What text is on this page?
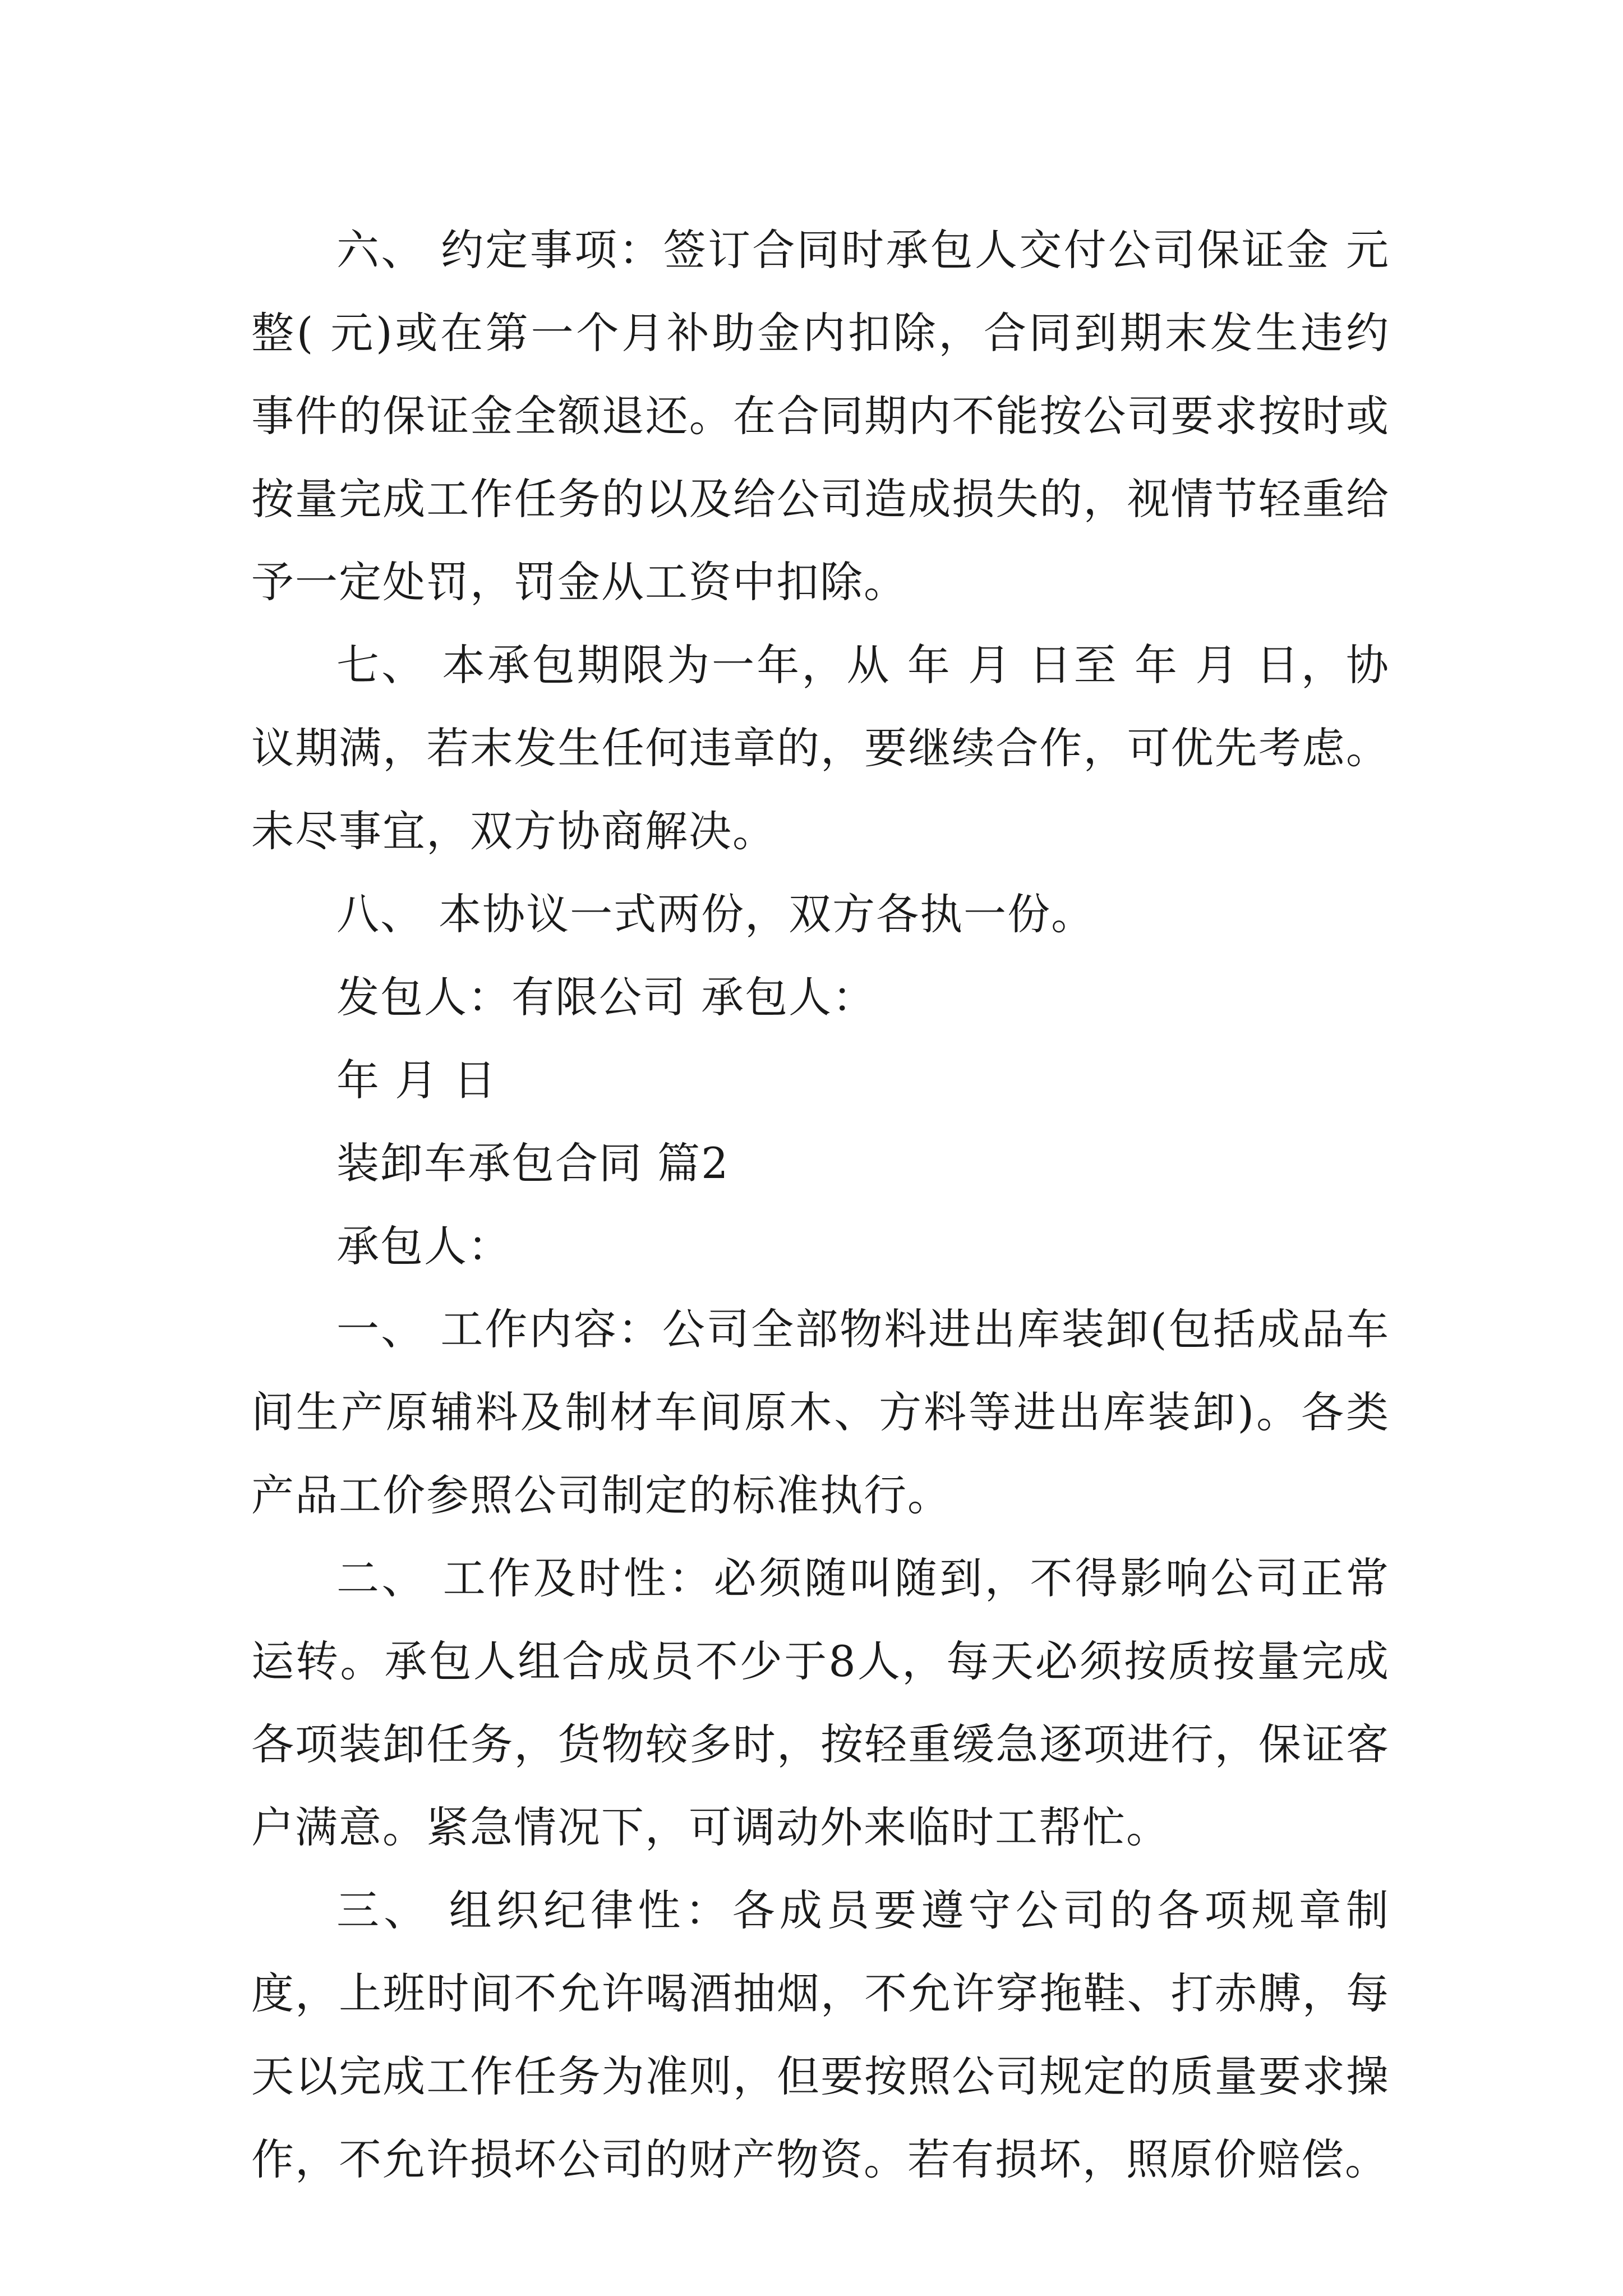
六、 约定事项：签订合同时承包人交付公司保证金 元整( 元)或在第一个月补助金内扣除，合同到期末发生违约事件的保证金全额退还。在合同期内不能按公司要求按时或按量完成工作任务的以及给公司造成损失的，视情节轻重给予一定处罚，罚金从工资中扣除。

七、 本承包期限为一年，从 年 月 日至 年 月 日，协议期满，若末发生任何违章的，要继续合作，可优先考虑。未尽事宜，双方协商解决。

八、 本协议一式两份，双方各执一份。

发包人：有限公司 承包人：

年 月 日

装卸车承包合同 篇2

承包人：

一、 工作内容：公司全部物料进出库装卸(包括成品车间生产原辅料及制材车间原木、方料等进出库装卸)。各类产品工价参照公司制定的标准执行。

二、 工作及时性：必须随叫随到，不得影响公司正常运转。承包人组合成员不少于8人，每天必须按质按量完成各项装卸任务，货物较多时，按轻重缓急逐项进行，保证客户满意。紧急情况下，可调动外来临时工帮忙。

三、 组织纪律性：各成员要遵守公司的各项规章制度，上班时间不允许喝酒抽烟，不允许穿拖鞋、打赤膊，每天以完成工作任务为准则，但要按照公司规定的质量要求操作，不允许损坏公司的财产物资。若有损坏，照原价赔偿。
